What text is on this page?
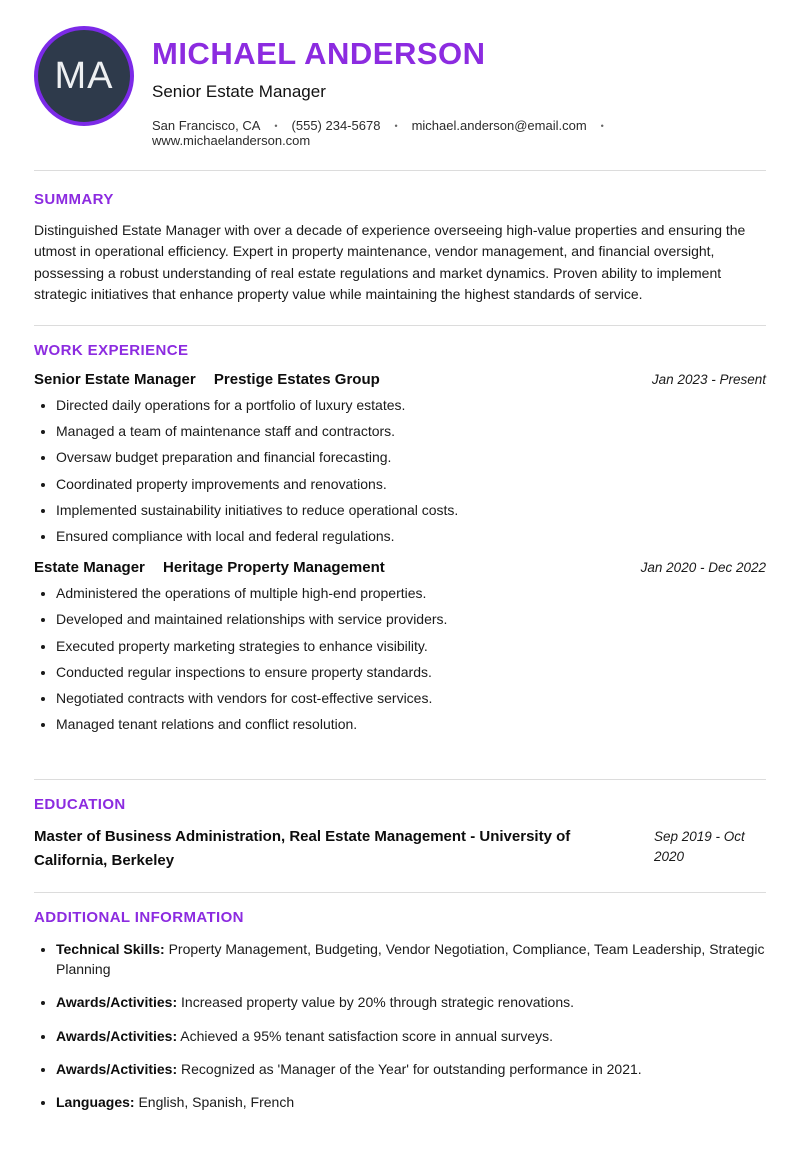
MA
MICHAEL ANDERSON
Senior Estate Manager
San Francisco, CA • (555) 234-5678 • michael.anderson@email.com •
www.michaelanderson.com
SUMMARY

Distinguished Estate Manager with over a decade of experience overseeing high-value properties and ensuring the utmost in operational efficiency. Expert in property maintenance, vendor management, and financial oversight, possessing a robust understanding of real estate regulations and market dynamics. Proven ability to implement strategic initiatives that enhance property value while maintaining the highest standards of service.

WORK EXPERIENCE
Senior Estate Manager Prestige Estates Group	Jan 2023 - Present
• Directed daily operations for a portfolio of luxury estates.
• Managed a team of maintenance staff and contractors.
• Oversaw budget preparation and financial forecasting.
• Coordinated property improvements and renovations.
• Implemented sustainability initiatives to reduce operational costs.
• Ensured compliance with local and federal regulations.
Estate Manager Heritage Property Management	Jan 2020 - Dec 2022
• Administered the operations of multiple high-end properties.
• Developed and maintained relationships with service providers.
• Executed property marketing strategies to enhance visibility.
• Conducted regular inspections to ensure property standards.
• Negotiated contracts with vendors for cost-effective services.
• Managed tenant relations and conflict resolution.
EDUCATION
Master of Business Administration, Real Estate Management - University of California, Berkeley
Sep 2019 - Oct 2020
ADDITIONAL INFORMATION
• Technical Skills: Property Management, Budgeting, Vendor Negotiation, Compliance, Team Leadership, Strategic Planning
• Awards/Activities: Increased property value by 20% through strategic renovations.
• Awards/Activities: Achieved a 95% tenant satisfaction score in annual surveys.
• Awards/Activities: Recognized as 'Manager of the Year' for outstanding performance in 2021.
• Languages: English, Spanish, French
